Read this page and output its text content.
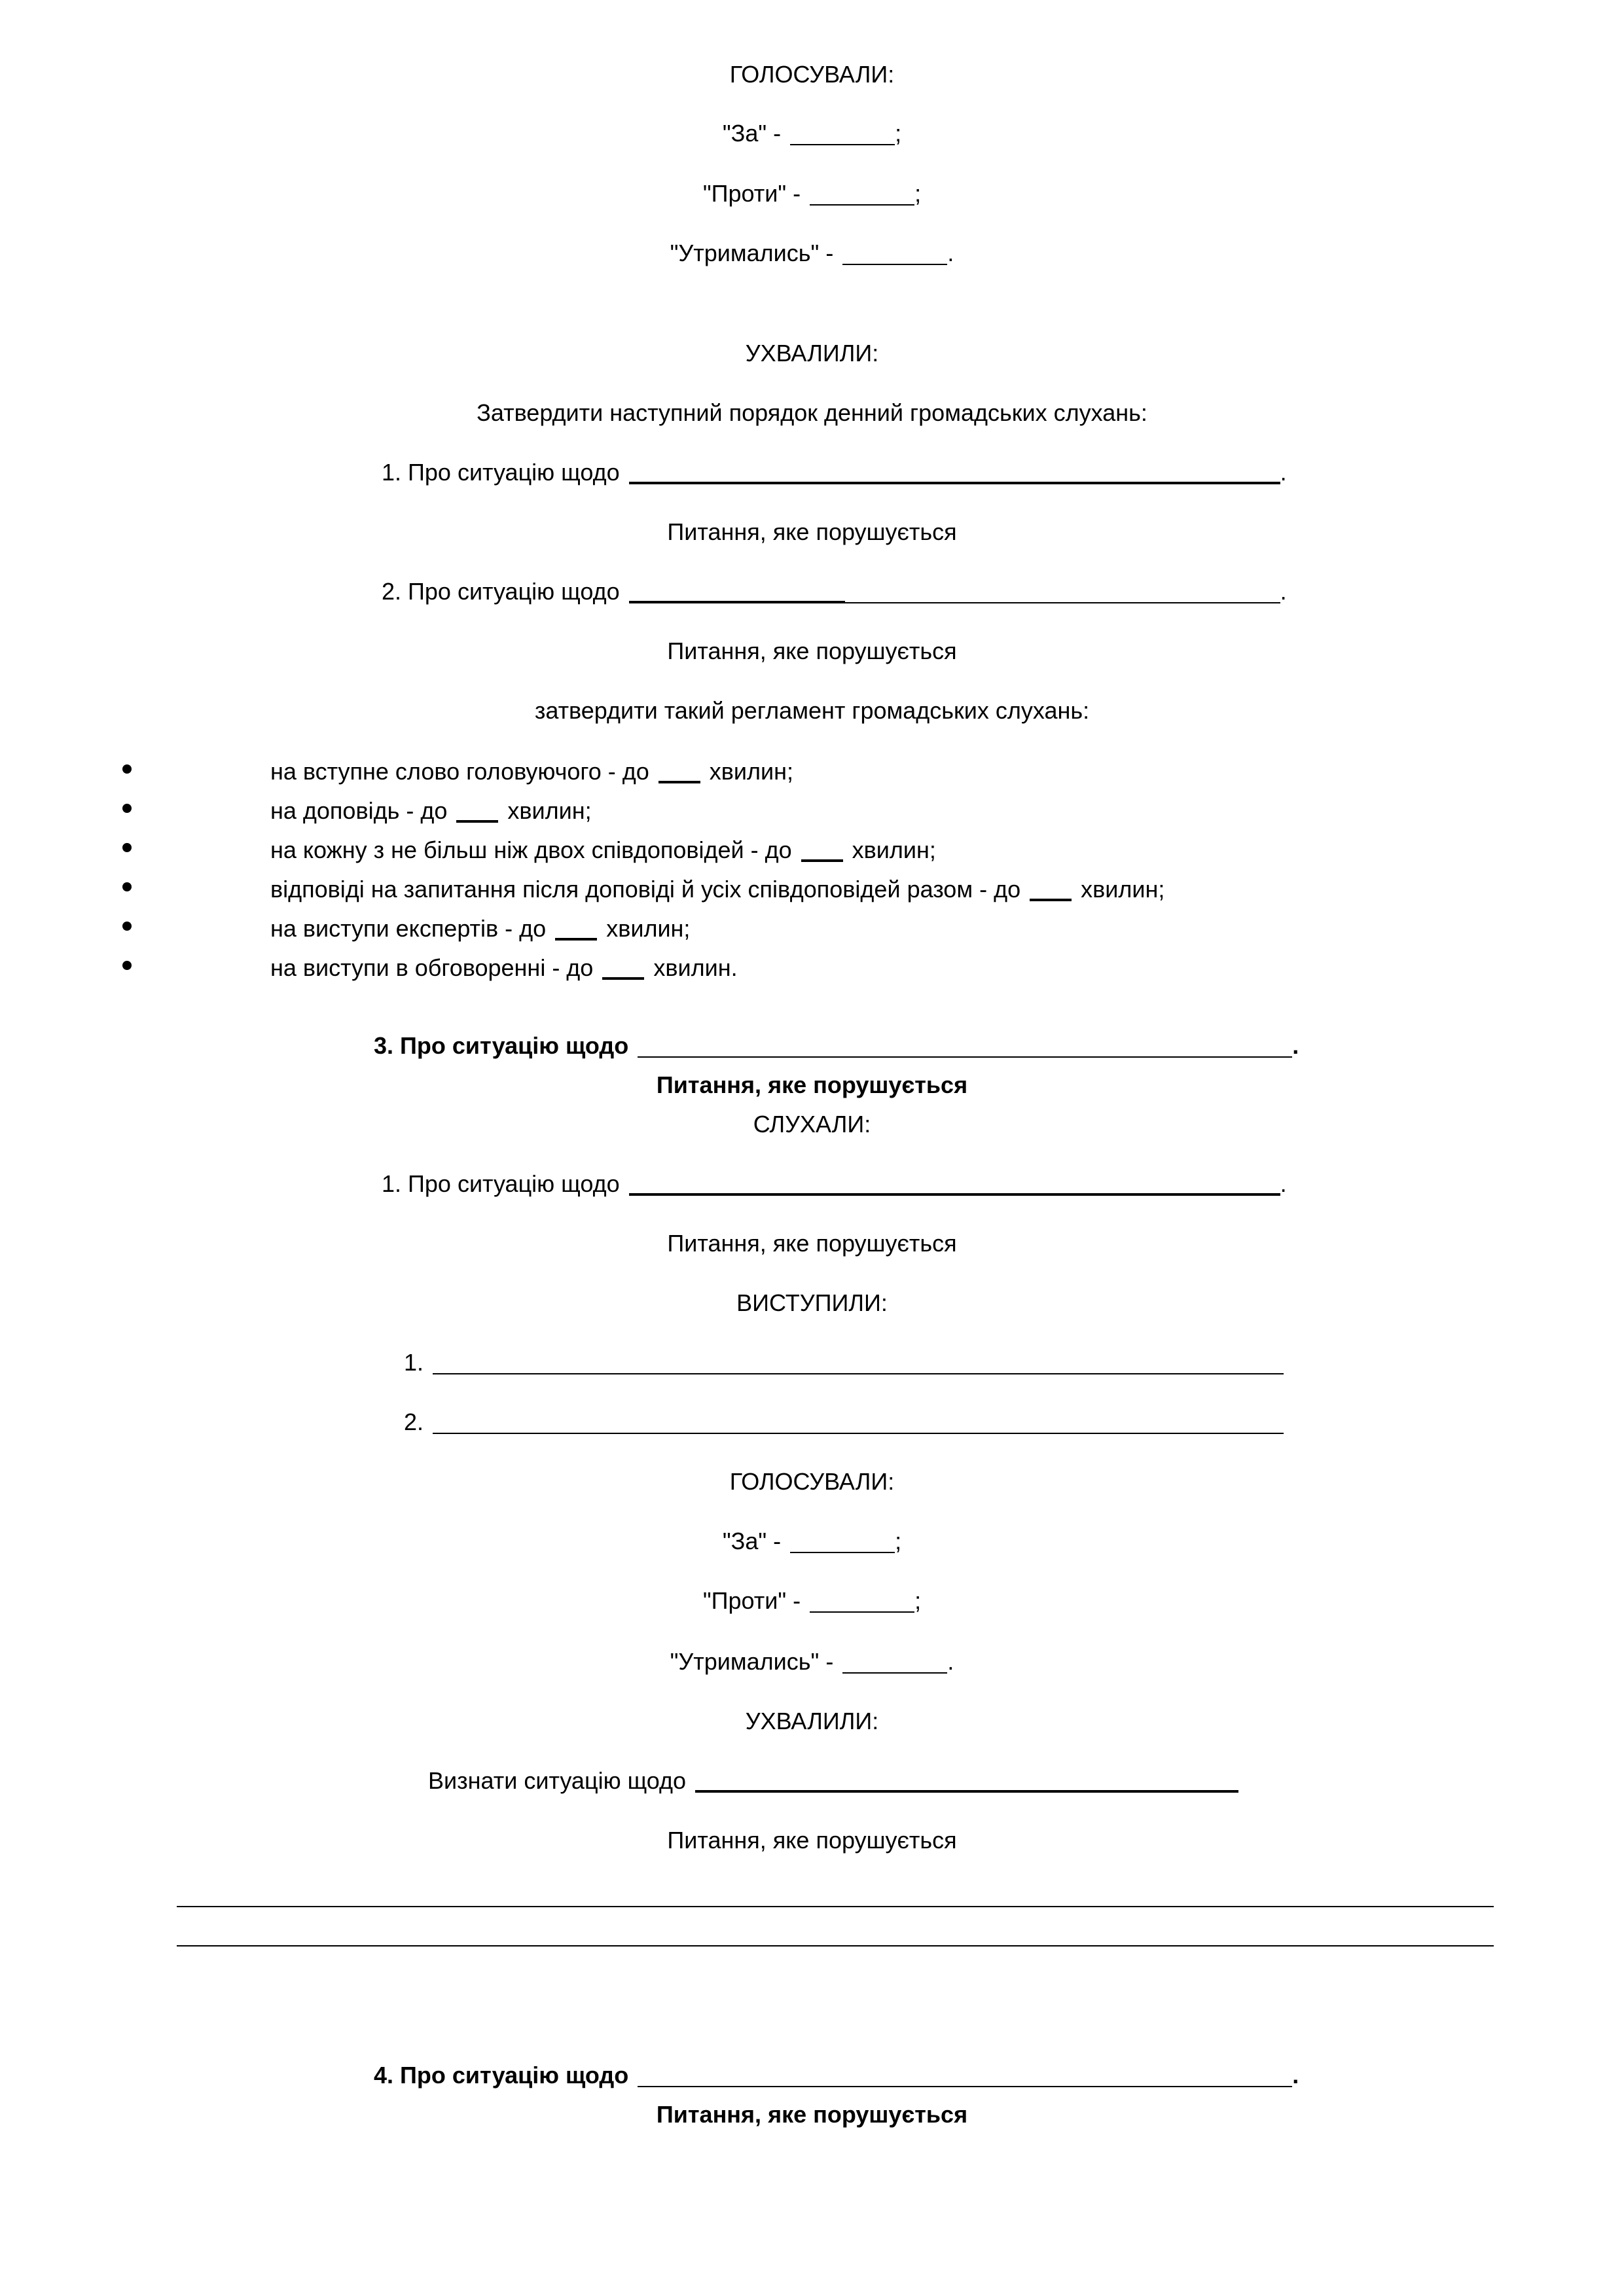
ГОЛОСУВАЛИ:
"За" -	;
"Проти" -	;
"Утримались" -	.
УХВАЛИЛИ:
Затвердити наступний порядок денний громадських слухань:
1. Про ситуацію щодо	.
Питання, яке порушується
2. Про ситуацію щодо	.
Питання, яке порушується
затвердити такий регламент громадських слухань:
на вступне слово головуючого - до	хвилин;
на доповідь - до	хвилин;
на кожну з не більш ніж двох співдоповідей - до	хвилин;
відповіді на запитання після доповіді й усіх співдоповідей разом - до	хвилин;
на виступи експертів - до	хвилин;
на виступи в обговоренні - до	хвилин.
3. Про ситуацію щодо	.
Питання, яке порушується
СЛУХАЛИ:
1. Про ситуацію щодо	.
Питання, яке порушується
ВИСТУПИЛИ:
1.
2.
ГОЛОСУВАЛИ:
"За" -	;
"Проти" -	;
"Утримались" -	.
УХВАЛИЛИ:
Визнати ситуацію щодо
Питання, яке порушується
4. Про ситуацію щодо	.
Питання, яке порушується
